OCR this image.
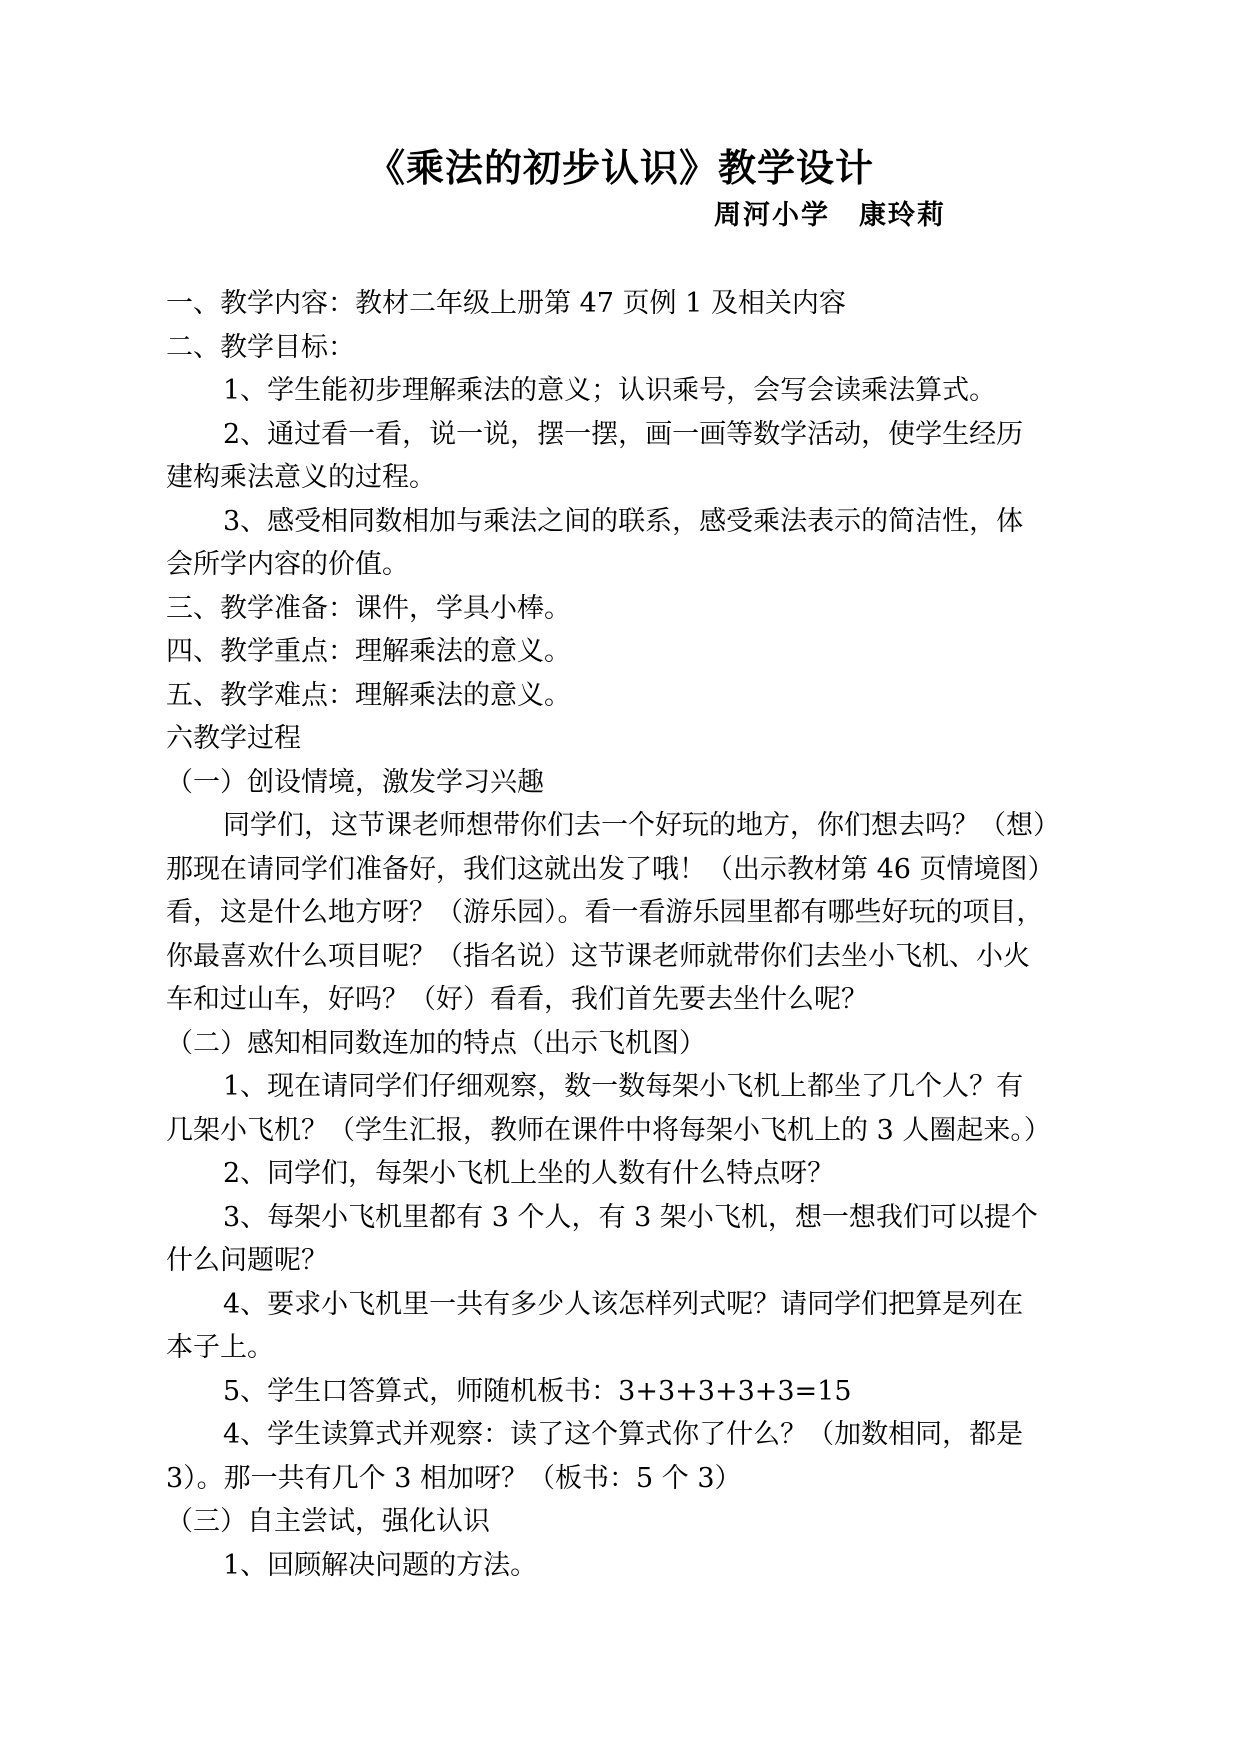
《乘法的初步认识》教学设计
周河小学　康玲莉

一、教学内容：教材二年级上册第 47 页例 1 及相关内容

二、教学目标：

1、学生能初步理解乘法的意义；认识乘号，会写会读乘法算式。

2、通过看一看，说一说，摆一摆，画一画等数学活动，使学生经历

建构乘法意义的过程。

3、感受相同数相加与乘法之间的联系，感受乘法表示的简洁性，体

会所学内容的价值。

三、教学准备：课件，学具小棒。

四、教学重点：理解乘法的意义。

五、教学难点：理解乘法的意义。

六教学过程

（一）创设情境，激发学习兴趣

同学们，这节课老师想带你们去一个好玩的地方，你们想去吗？（想）

那现在请同学们准备好，我们这就出发了哦！（出示教材第 46 页情境图）

看，这是什么地方呀？（游乐园）。看一看游乐园里都有哪些好玩的项目，

你最喜欢什么项目呢？（指名说）这节课老师就带你们去坐小飞机、小火

车和过山车，好吗？（好）看看，我们首先要去坐什么呢？

（二）感知相同数连加的特点（出示飞机图）

1、现在请同学们仔细观察，数一数每架小飞机上都坐了几个人？有

几架小飞机？（学生汇报，教师在课件中将每架小飞机上的 3 人圈起来。）

2、同学们，每架小飞机上坐的人数有什么特点呀？

3、每架小飞机里都有 3 个人，有 3 架小飞机，想一想我们可以提个

什么问题呢？

4、要求小飞机里一共有多少人该怎样列式呢？请同学们把算是列在

本子上。

5、学生口答算式，师随机板书：3+3+3+3+3=15

4、学生读算式并观察：读了这个算式你了什么？（加数相同，都是

3）。那一共有几个 3 相加呀？（板书：5 个 3）

（三）自主尝试，强化认识

1、回顾解决问题的方法。
